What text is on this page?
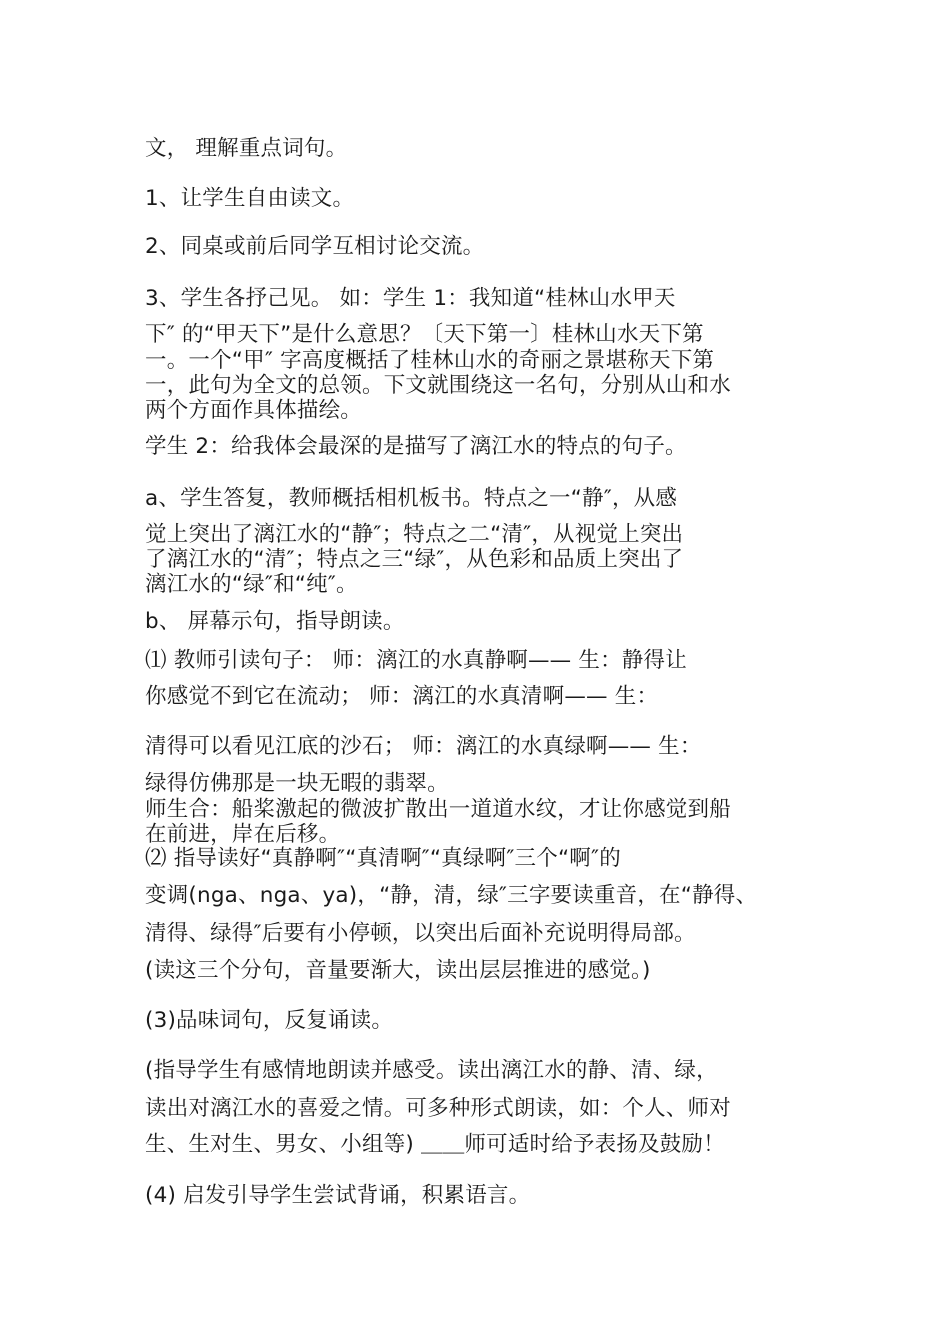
文， 理解重点词句。
1、让学生自由读文。
2、同桌或前后同学互相讨论交流。
3、学生各抒己见。 如：学生 1：我知道“桂林山水甲天
下″ 的“甲天下”是什么意思？〔天下第一〕桂林山水天下第
一。一个“甲″ 字高度概括了桂林山水的奇丽之景堪称天下第
一，此句为全文的总领。下文就围绕这一名句，分别从山和水
两个方面作具体描绘。
学生 2：给我体会最深的是描写了漓江水的特点的句子。
a、学生答复，教师概括相机板书。特点之一“静″，从感
觉上突出了漓江水的“静″；特点之二“清″，从视觉上突出
了漓江水的“清″；特点之三“绿″，从色彩和品质上突出了
漓江水的“绿″和“纯″。
b、 屏幕示句，指导朗读。
⑴ 教师引读句子： 师：漓江的水真静啊—— 生：静得让
你感觉不到它在流动； 师：漓江的水真清啊—— 生：
清得可以看见江底的沙石； 师：漓江的水真绿啊—— 生：
绿得仿佛那是一块无暇的翡翠。
师生合：船桨激起的微波扩散出一道道水纹，才让你感觉到船
在前进，岸在后移。
⑵ 指导读好“真静啊″“真清啊″“真绿啊″三个“啊″的
变调(nga、nga、ya)，“静，清，绿″三字要读重音，在“静得、
清得、绿得″后要有小停顿，以突出后面补充说明得局部。
(读这三个分句，音量要渐大，读出层层推进的感觉。)
(3)品味词句，反复诵读。
(指导学生有感情地朗读并感受。读出漓江水的静、清、绿，
读出对漓江水的喜爱之情。可多种形式朗读，如：个人、师对
生、生对生、男女、小组等) ＿＿师可适时给予表扬及鼓励！
(4) 启发引导学生尝试背诵，积累语言。
